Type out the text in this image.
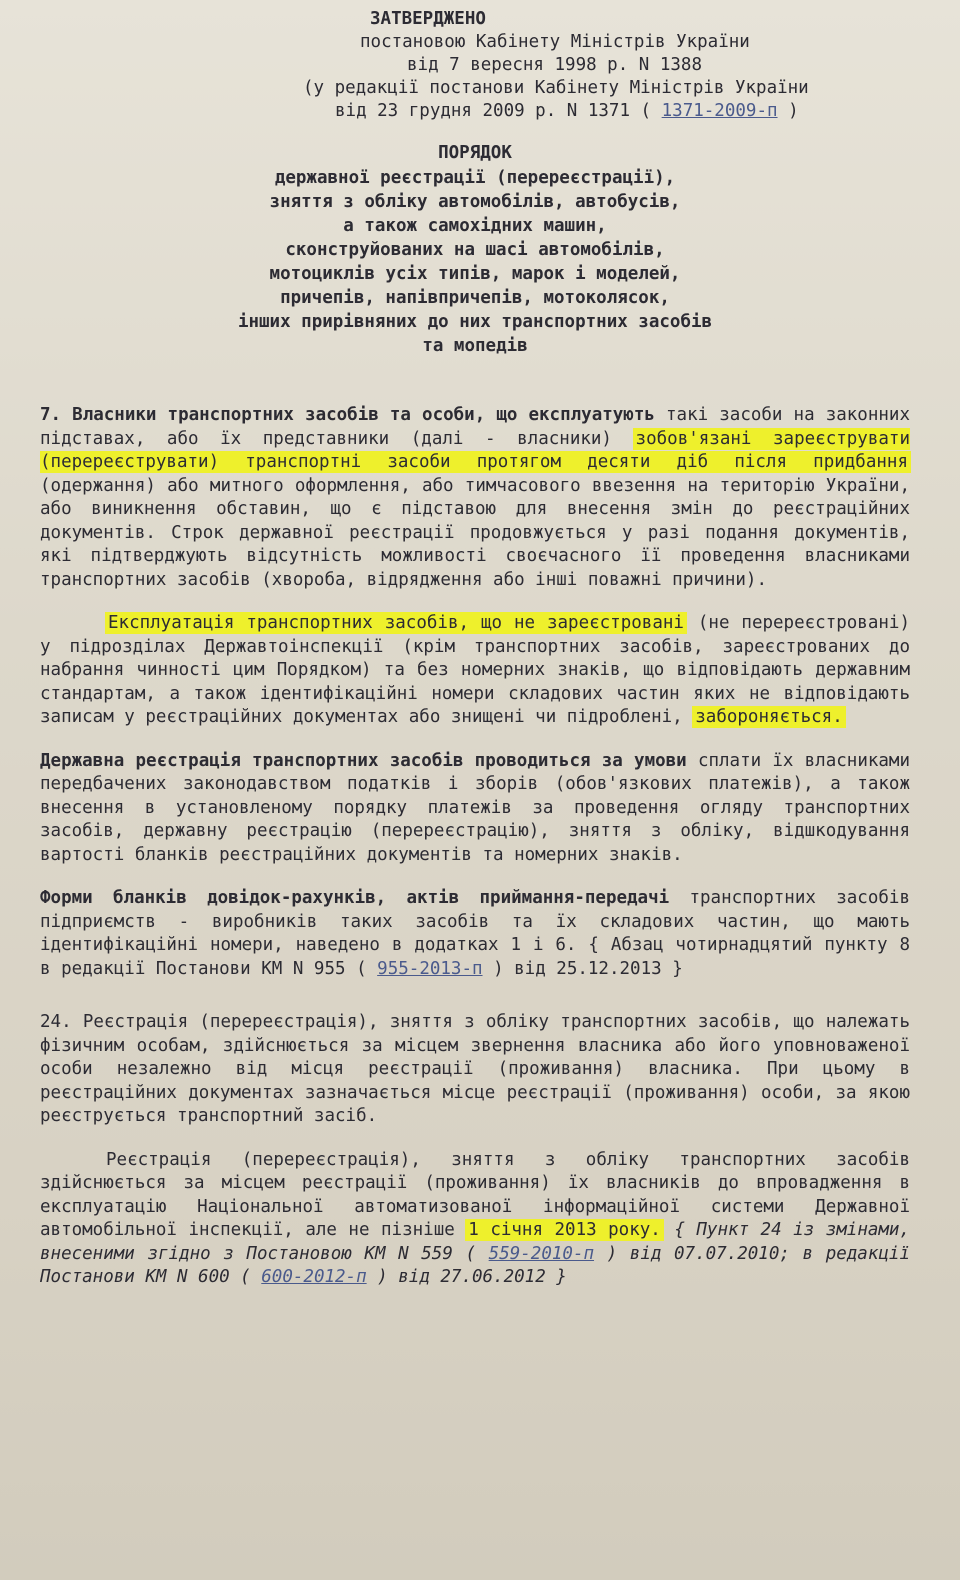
ЗАТВЕРДЖЕНО
постановою Кабінету Міністрів України
від 7 вересня 1998 р. N 1388
(у редакції постанови Кабінету Міністрів України
від 23 грудня 2009 р. N 1371 ( 1371-2009-п )
ПОРЯДОК
державної реєстрації (перереєстрації),
зняття з обліку автомобілів, автобусів,
а також самохідних машин,
сконструйованих на шасі автомобілів,
мотоциклів усіх типів, марок і моделей,
причепів, напівпричепів, мотоколясок,
інших прирівняних до них транспортних засобів
та мопедів

7. Власники транспортних засобів та особи, що експлуатують такі засоби на законних підставах, або їх представники (далі - власники) зобов'язані зареєструвати (перереєструвати) транспортні засоби протягом десяти діб після придбання (одержання) або митного оформлення, або тимчасового ввезення на територію України, або виникнення обставин, що є підставою для внесення змін до реєстраційних документів. Строк державної реєстрації продовжується у разі подання документів, які підтверджують відсутність можливості своєчасного її проведення власниками транспортних засобів (хвороба, відрядження або інші поважні причини).

Експлуатація транспортних засобів, що не зареєстровані (не перереєстровані) у підрозділах Державтоінспекції (крім транспортних засобів, зареєстрованих до набрання чинності цим Порядком) та без номерних знаків, що відповідають державним стандартам, а також ідентифікаційні номери складових частин яких не відповідають записам у реєстраційних документах або знищені чи підроблені, забороняється.

Державна реєстрація транспортних засобів проводиться за умови сплати їх власниками передбачених законодавством податків і зборів (обов'язкових платежів), а також внесення в установленому порядку платежів за проведення огляду транспортних засобів, державну реєстрацію (перереєстрацію), зняття з обліку, відшкодування вартості бланків реєстраційних документів та номерних знаків.

Форми бланків довідок-рахунків, актів приймання-передачі транспортних засобів підприємств - виробників таких засобів та їх складових частин, що мають ідентифікаційні номери, наведено в додатках 1 і 6. { Абзац чотирнадцятий пункту 8 в редакції Постанови КМ N 955 ( 955-2013-п ) від 25.12.2013 }

24. Реєстрація (перереєстрація), зняття з обліку транспортних засобів, що належать фізичним особам, здійснюється за місцем звернення власника або його уповноваженої особи незалежно від місця реєстрації (проживання) власника. При цьому в реєстраційних документах зазначається місце реєстрації (проживання) особи, за якою реєструється транспортний засіб.

Реєстрація (перереєстрація), зняття з обліку транспортних засобів здійснюється за місцем реєстрації (проживання) їх власників до впровадження в експлуатацію Національної автоматизованої інформаційної системи Державної автомобільної інспекції, але не пізніше 1 січня 2013 року. { Пункт 24 із змінами, внесеними згідно з Постановою КМ N 559 ( 559-2010-п ) від 07.07.2010; в редакції Постанови КМ N 600 ( 600-2012-п ) від 27.06.2012 }
